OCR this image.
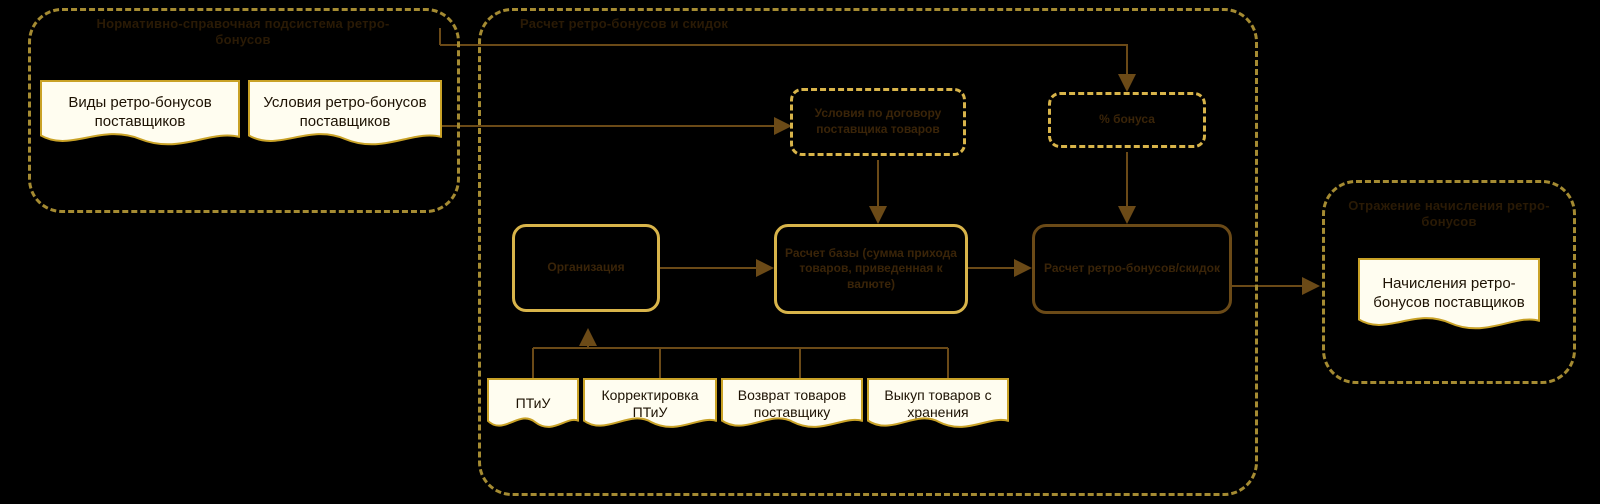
Нормативно-справочная подсистема ретро-бонусов
Виды ретро-бонусов поставщиков
Условия ретро-бонусов поставщиков
Расчет ретро-бонусов и скидок
Условия по договору поставщика товаров
% бонуса
Организация
Расчет базы (сумма прихода товаров, приведенная к валюте)
Расчет ретро-бонусов/скидок
ПТиУ
Корректировка ПТиУ
Возврат товаров поставщику
Выкуп товаров с хранения
Отражение начисления ретро-бонусов
Начисления ретро-бонусов поставщиков
